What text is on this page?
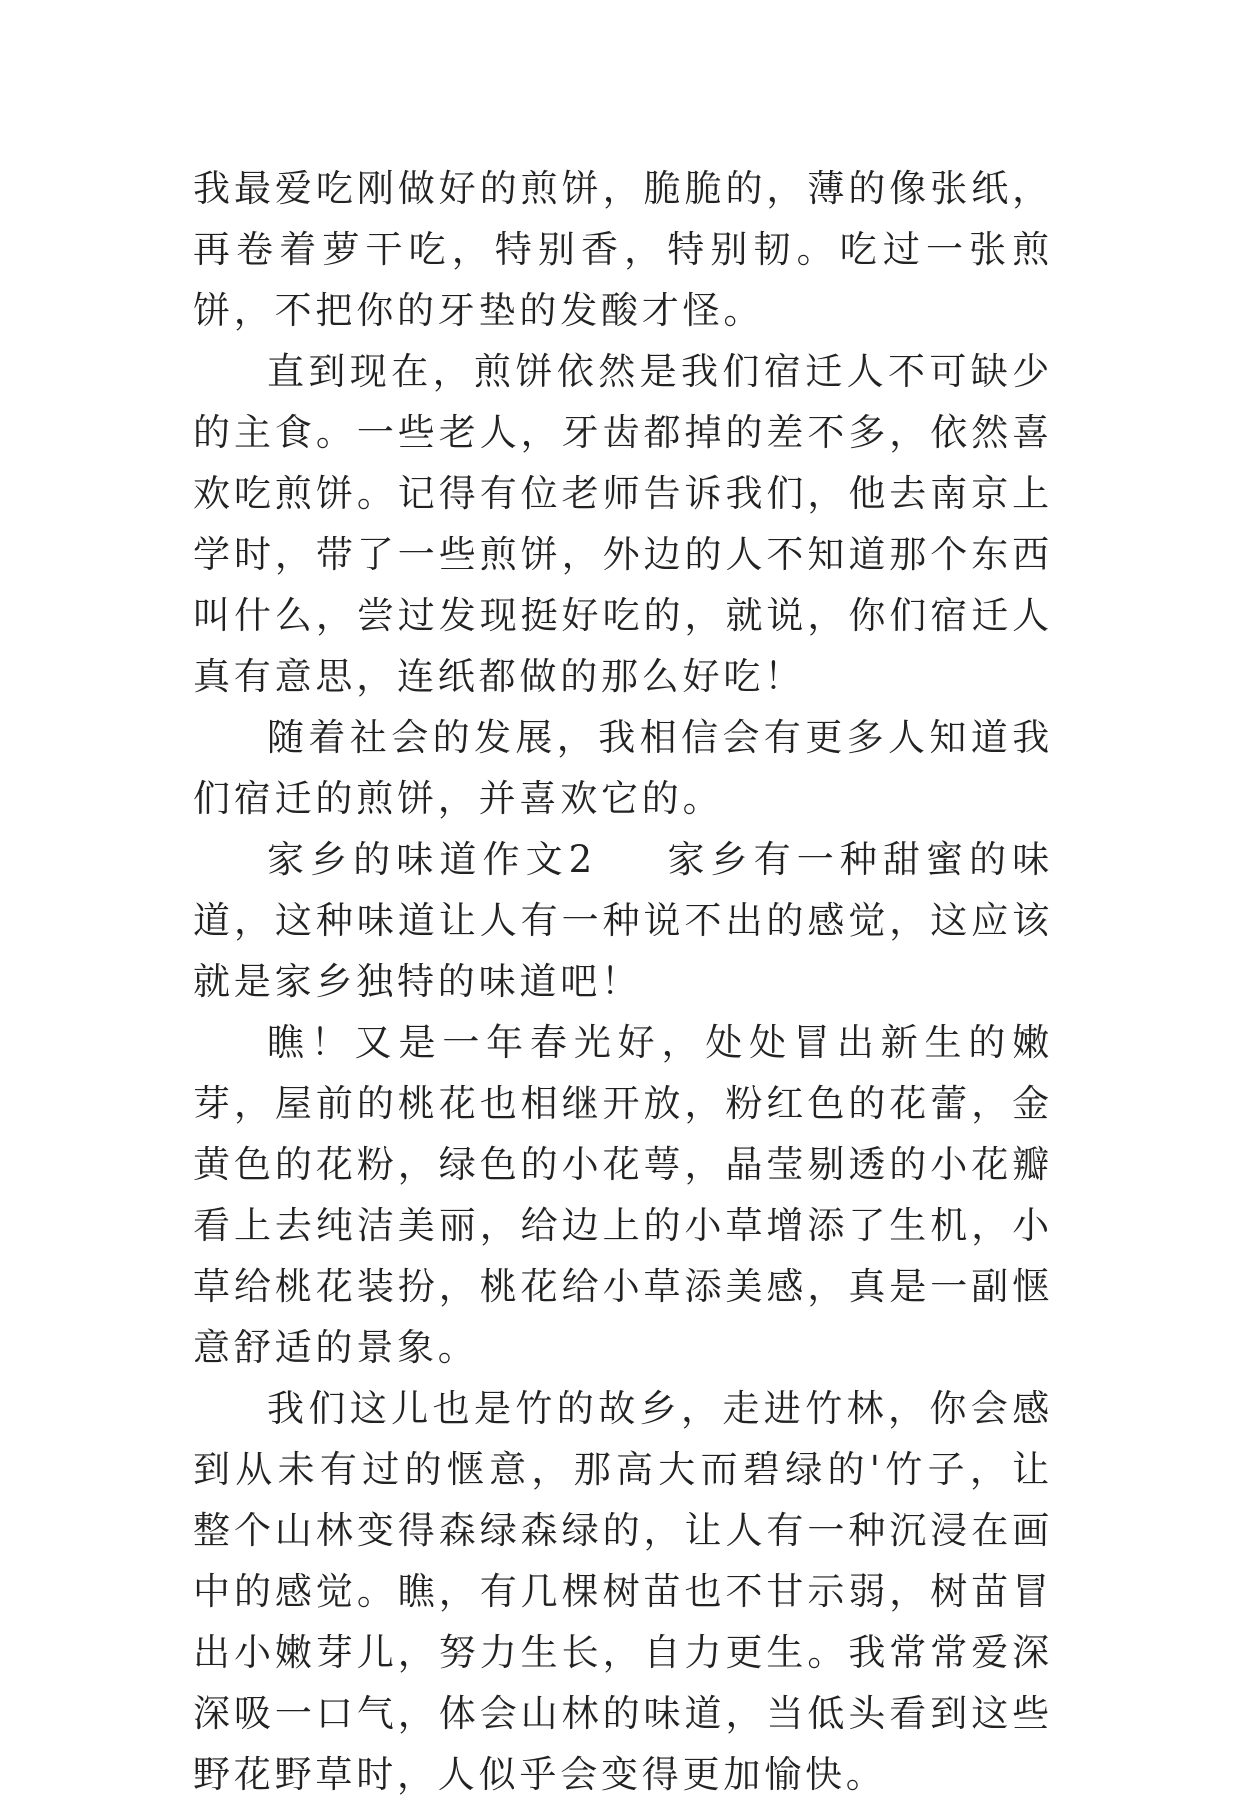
我最爱吃刚做好的煎饼，脆脆的，薄的像张纸，再卷着萝干吃，特别香，特别韧。吃过一张煎饼，不把你的牙垫的发酸才怪。

直到现在，煎饼依然是我们宿迁人不可缺少的主食。一些老人，牙齿都掉的差不多，依然喜欢吃煎饼。记得有位老师告诉我们，他去南京上学时，带了一些煎饼，外边的人不知道那个东西叫什么，尝过发现挺好吃的，就说，你们宿迁人真有意思，连纸都做的那么好吃！

随着社会的发展，我相信会有更多人知道我们宿迁的煎饼，并喜欢它的。

家乡的味道作文2 家乡有一种甜蜜的味道，这种味道让人有一种说不出的感觉，这应该就是家乡独特的味道吧！

瞧！又是一年春光好，处处冒出新生的嫩芽，屋前的桃花也相继开放，粉红色的花蕾，金黄色的花粉，绿色的小花萼，晶莹剔透的小花瓣看上去纯洁美丽，给边上的小草增添了生机，小草给桃花装扮，桃花给小草添美感，真是一副惬意舒适的景象。

我们这儿也是竹的故乡，走进竹林，你会感到从未有过的惬意，那高大而碧绿的'竹子，让整个山林变得森绿森绿的，让人有一种沉浸在画中的感觉。瞧，有几棵树苗也不甘示弱，树苗冒出小嫩芽儿，努力生长，自力更生。我常常爱深深吸一口气，体会山林的味道，当低头看到这些野花野草时，人似乎会变得更加愉快。
